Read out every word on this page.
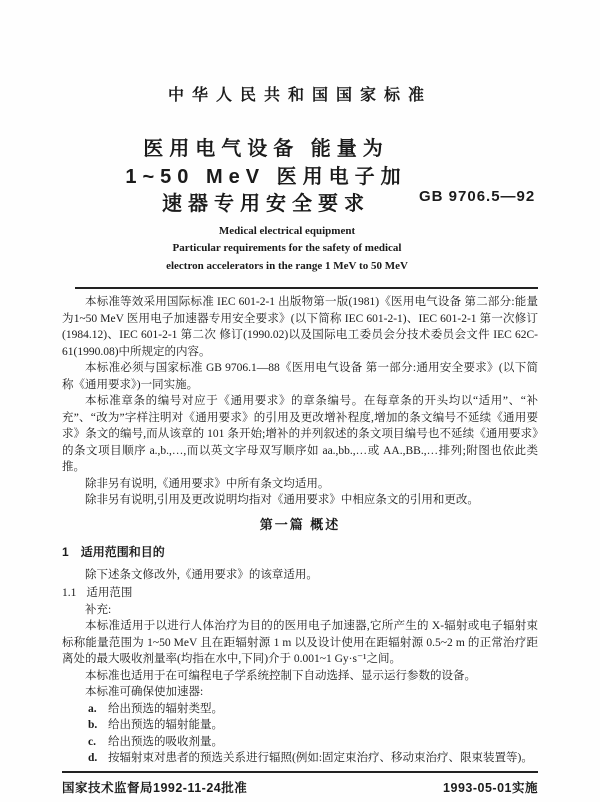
中华人民共和国国家标准
医用电气设备 能量为
1~50 MeV 医用电子加
速器专用安全要求	GB 9706.5—92
Medical electrical equipment
Particular requirements for the safety of medical
electron accelerators in the range 1 MeV to 50 MeV

本标准等效采用国际标准 IEC 601-2-1 出版物第一版(1981)《医用电气设备 第二部分:能量为1~50 MeV 医用电子加速器专用安全要求》(以下简称 IEC 601-2-1)、IEC 601-2-1 第一次修订(1984.12)、IEC 601-2-1 第二次 修订(1990.02)以及国际电工委员会分技术委员会文件 IEC 62C-61(1990.08)中所规定的内容。

本标准必须与国家标准 GB 9706.1—88《医用电气设备 第一部分:通用安全要求》(以下简称《通用要求》)一同实施。

本标准章条的编号对应于《通用要求》的章条编号。在每章条的开头均以“适用”、“补充”、“改为”字样注明对《通用要求》的引用及更改增补程度,增加的条文编号不延续《通用要求》条文的编号,而从该章的 101 条开始;增补的并列叙述的条文项目编号也不延续《通用要求》的条文项目顺序 a.,b.,…,而以英文字母双写顺序如 aa.,bb.,…或 AA.,BB.,…排列;附图也依此类推。

除非另有说明,《通用要求》中所有条文均适用。

除非另有说明,引用及更改说明均指对《通用要求》中相应条文的引用和更改。

第一篇 概述
1 适用范围和目的

除下述条文修改外,《通用要求》的该章适用。

1.1 适用范围

补充:

本标准适用于以进行人体治疗为目的的医用电子加速器,它所产生的 X-辐射或电子辐射束标称能量范围为 1~50 MeV 且在距辐射源 1 m 以及设计使用在距辐射源 0.5~2 m 的正常治疗距离处的最大吸收剂量率(均指在水中,下同)介于 0.001~1 Gy·s⁻¹之间。

本标准也适用于在可编程电子学系统控制下自动选择、显示运行参数的设备。

本标准可确保使加速器:

a. 给出预选的辐射类型。
b. 给出预选的辐射能量。
c.	给出预选的吸收剂量。
d. 按辐射束对患者的预选关系进行辐照(例如:固定束治疗、移动束治疗、限束装置等)。
国家技术监督局1992-11-24批准	1993-05-01实施
